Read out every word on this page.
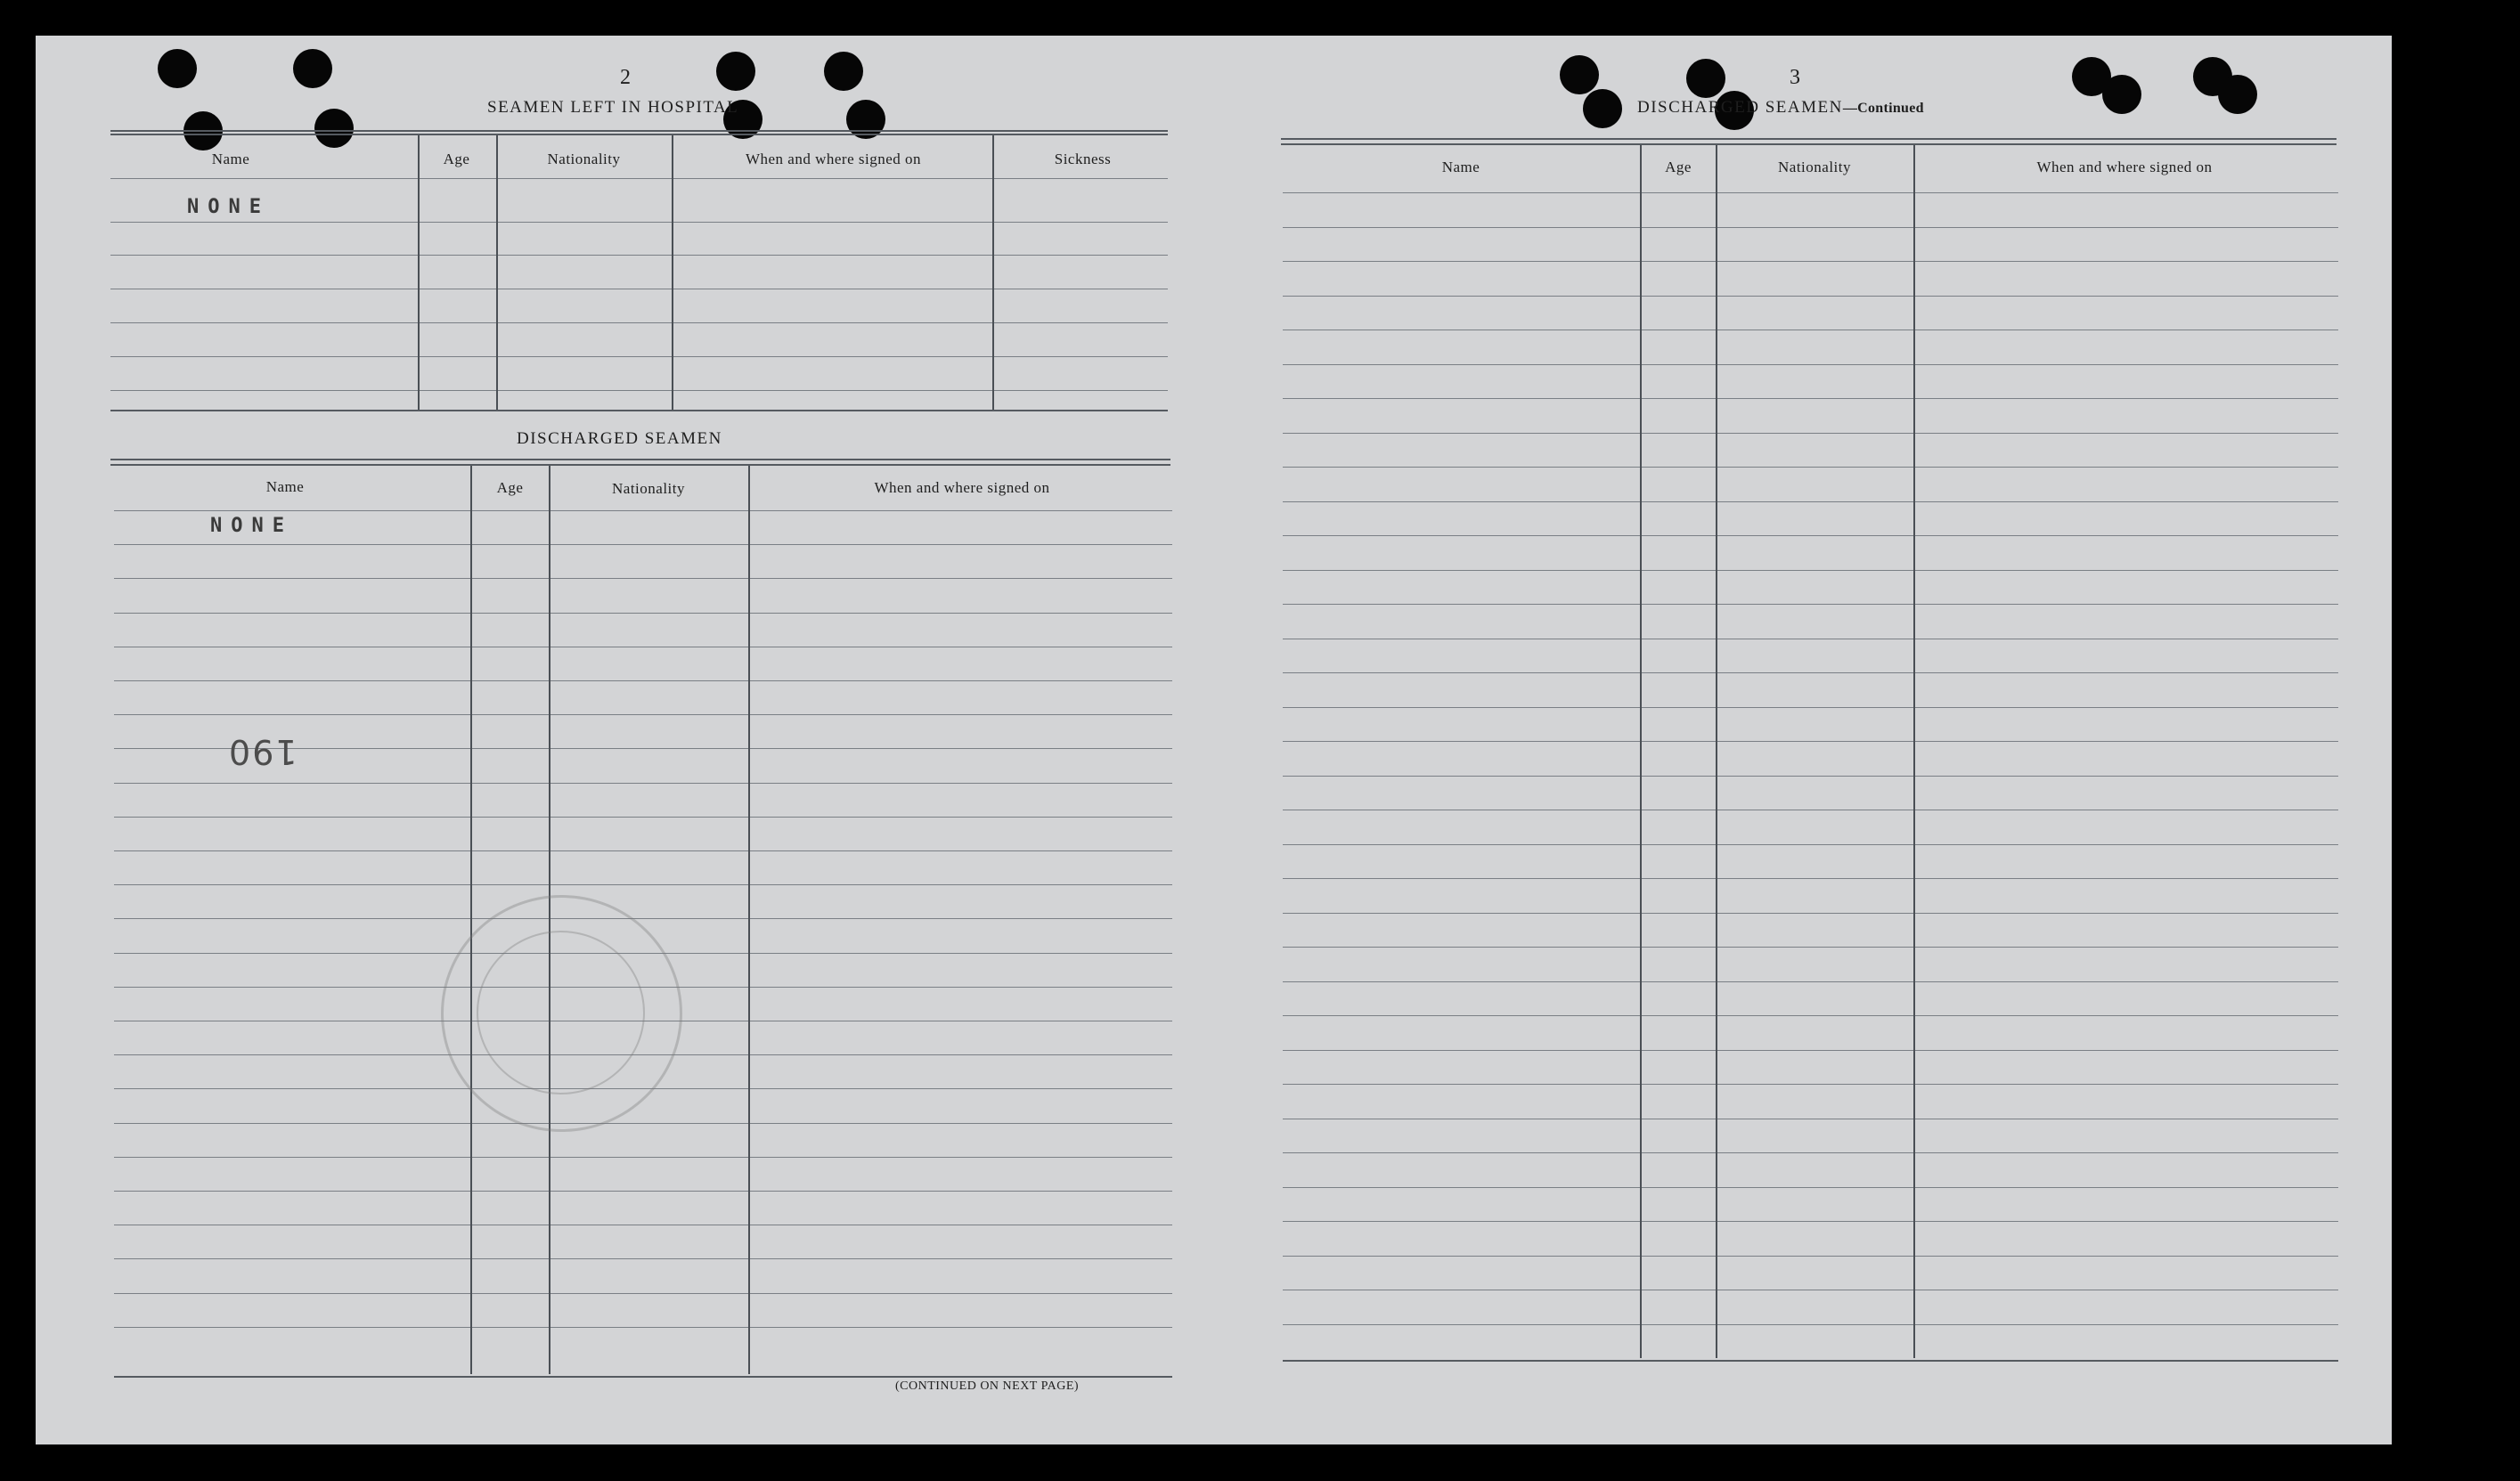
2
SEAMEN LEFT IN HOSPITAL
Name	Age	Nationality	When and where signed on	Sickness
NONE
DISCHARGED SEAMEN
Name	Age	Nationality	When and where signed on
NONE
190
(CONTINUED ON NEXT PAGE)
3
DISCHARGED SEAMEN—Continued
Name	Age	Nationality	When and where signed on
